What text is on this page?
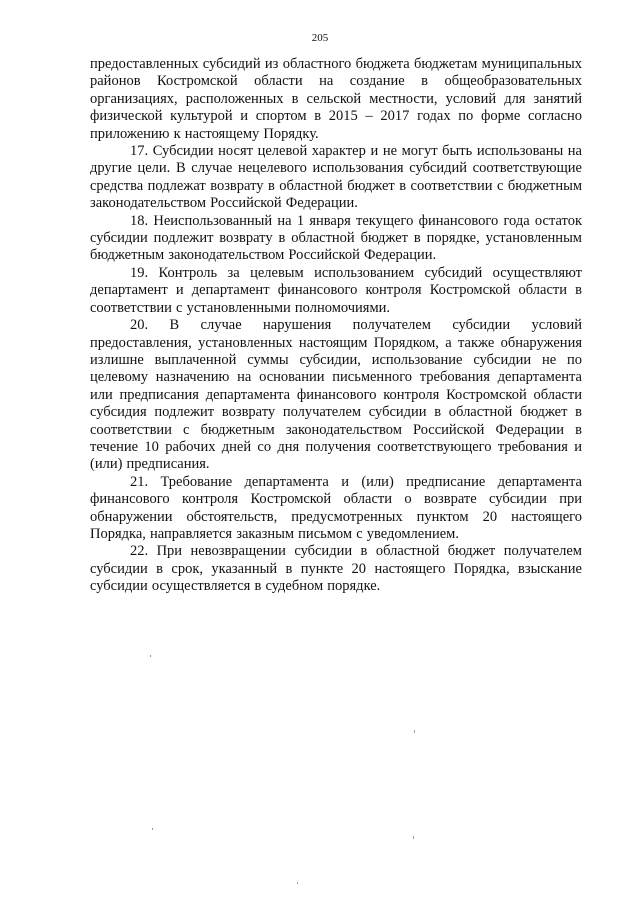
205

предоставленных субсидий из областного бюджета бюджетам муниципальных районов Костромской области на создание в общеобразовательных организациях, расположенных в сельской местности, условий для занятий физической культурой и спортом в 2015 – 2017 годах по форме согласно приложению к настоящему Порядку.

17. Субсидии носят целевой характер и не могут быть использованы на другие цели. В случае нецелевого использования субсидий соответствующие средства подлежат возврату в областной бюджет в соответствии с бюджетным законодательством Российской Федерации.

18. Неиспользованный на 1 января текущего финансового года остаток субсидии подлежит возврату в областной бюджет в порядке, установленным бюджетным законодательством Российской Федерации.

19. Контроль за целевым использованием субсидий осуществляют департамент и департамент финансового контроля Костромской области в соответствии с установленными полномочиями.

20. В случае нарушения получателем субсидии условий предоставления, установленных настоящим Порядком, а также обнаружения излишне выплаченной суммы субсидии, использование субсидии не по целевому назначению на основании письменного требования департамента или предписания департамента финансового контроля Костромской области субсидия подлежит возврату получателем субсидии в областной бюджет в соответствии с бюджетным законодательством Российской Федерации в течение 10 рабочих дней со дня получения соответствующего требования и (или) предписания.

21. Требование департамента и (или) предписание департамента финансового контроля Костромской области о возврате субсидии при обнаружении обстоятельств, предусмотренных пунктом 20 настоящего Порядка, направляется заказным письмом с уведомлением.

22. При невозвращении субсидии в областной бюджет получателем субсидии в срок, указанный в пункте 20 настоящего Порядка, взыскание субсидии осуществляется в судебном порядке.
